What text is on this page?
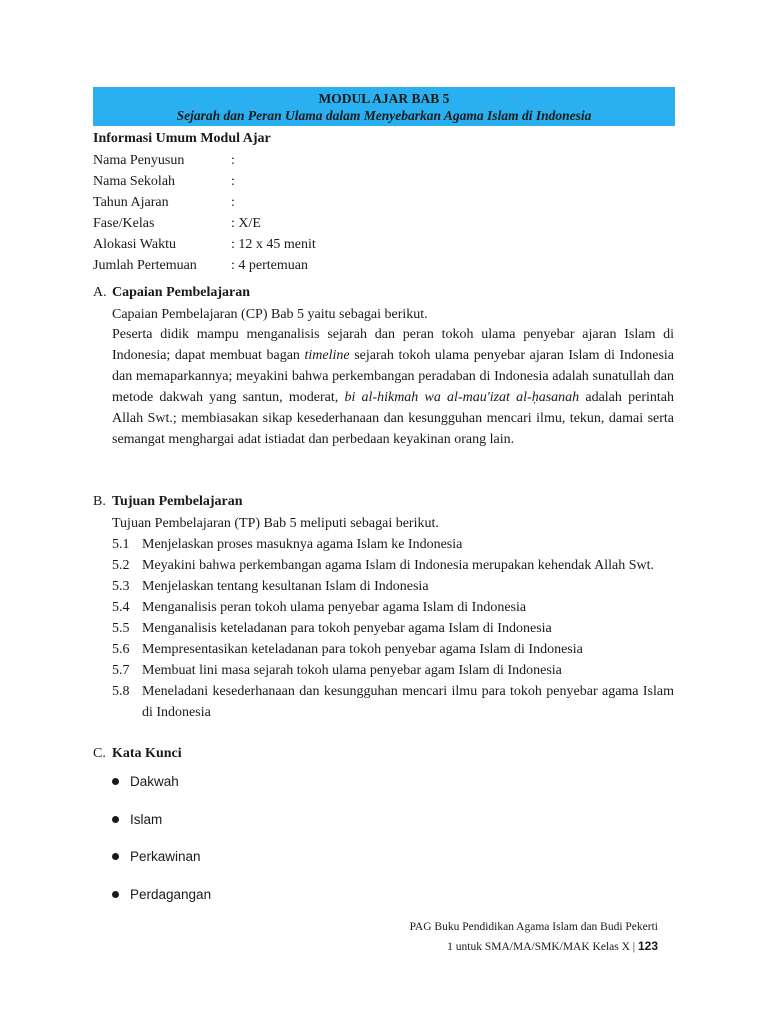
MODUL AJAR BAB 5
Sejarah dan Peran Ulama dalam Menyebarkan Agama Islam di Indonesia
Informasi Umum Modul Ajar
Nama Penyusun	:
Nama Sekolah	:
Tahun Ajaran	:
Fase/Kelas	: X/E
Alokasi Waktu	: 12 x 45 menit
Jumlah Pertemuan : 4 pertemuan
A. Capaian Pembelajaran
Capaian Pembelajaran (CP) Bab 5 yaitu sebagai berikut.
Peserta didik mampu menganalisis sejarah dan peran tokoh ulama penyebar ajaran Islam di Indonesia; dapat membuat bagan timeline sejarah tokoh ulama penyebar ajaran Islam di Indonesia dan memaparkannya; meyakini bahwa perkembangan peradaban di Indonesia adalah sunatullah dan metode dakwah yang santun, moderat, bi al-hikmah wa al-mau'izat al-ḥasanah adalah perintah Allah Swt.; membiasakan sikap kesederhanaan dan kesungguhan mencari ilmu, tekun, damai serta semangat menghargai adat istiadat dan perbedaan keyakinan orang lain.
B. Tujuan Pembelajaran
Tujuan Pembelajaran (TP) Bab 5 meliputi sebagai berikut.
5.1 Menjelaskan proses masuknya agama Islam ke Indonesia
5.2 Meyakini bahwa perkembangan agama Islam di Indonesia merupakan kehendak Allah Swt.
5.3 Menjelaskan tentang kesultanan Islam di Indonesia
5.4 Menganalisis peran tokoh ulama penyebar agama Islam di Indonesia
5.5 Menganalisis keteladanan para tokoh penyebar agama Islam di Indonesia
5.6 Mempresentasikan keteladanan para tokoh penyebar agama Islam di Indonesia
5.7 Membuat lini masa sejarah tokoh ulama penyebar agam Islam di Indonesia
5.8 Meneladani kesederhanaan dan kesungguhan mencari ilmu para tokoh penyebar agama Islam di Indonesia
C. Kata Kunci
Dakwah
Islam
Perkawinan
Perdagangan
PAG Buku Pendidikan Agama Islam dan Budi Pekerti
1 untuk SMA/MA/SMK/MAK Kelas X | 123
